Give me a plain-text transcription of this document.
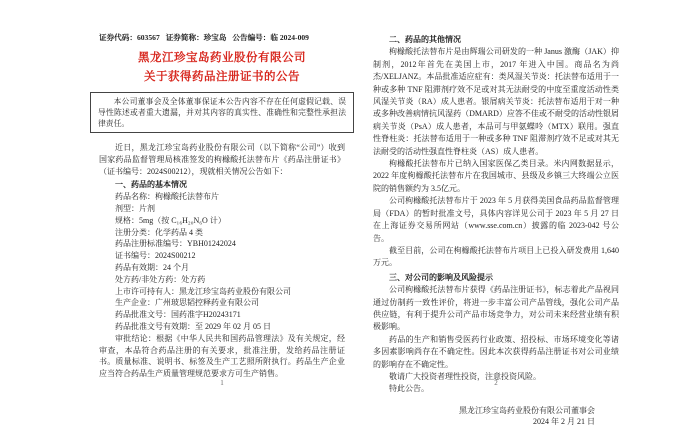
证券代码：603567 证券简称：珍宝岛 公告编号：临 2024-009
黑龙江珍宝岛药业股份有限公司
关于获得药品注册证书的公告
本公司董事会及全体董事保证本公告内容不存在任何虚假记载、误导性陈述或者重大遗漏，并对其内容的真实性、准确性和完整性承担法律责任。

近日，黑龙江珍宝岛药业股份有限公司（以下简称“公司”）收到国家药品监督管理局核准签发的枸橼酸托法替布片《药品注册证书》（证书编号：2024S00212），现就相关情况公告如下：

一、药品的基本情况

药品名称：枸橼酸托法替布片

剂型：片剂

规格：5mg（按 C₁₆H₂₀N₆O 计）

注册分类：化学药品 4 类

药品注册标准编号：YBH01242024

证书编号：2024S00212

药品有效期：24 个月

处方药/非处方药：处方药

上市许可持有人：黑龙江珍宝岛药业股份有限公司

生产企业：广州玻思韬控释药业有限公司

药品批准文号：国药准字H20243171

药品批准文号有效期：至 2029 年 02 月 05 日

审批结论：根据《中华人民共和国药品管理法》及有关规定，经审查，本品符合药品注册的有关要求，批准注册，发给药品注册证书。质量标准、说明书、标签及生产工艺照所附执行。药品生产企业应当符合药品生产质量管理规范要求方可生产销售。

1

二、药品的其他情况

枸橼酸托法替布片是由辉瑞公司研发的一种 Janus 激酶（JAK）抑制剂，2012年首先在美国上市，2017 年进入中国。商品名为尚杰/XELJANZ。本品批准适应症有：类风湿关节炎：托法替布适用于一种或多种 TNF 阻滞剂疗效不足或对其无法耐受的中度至重度活动性类风湿关节炎（RA）成人患者。银屑病关节炎：托法替布适用于对一种或多种改善病情抗风湿药（DMARD）应答不佳或不耐受的活动性银屑病关节炎（PsA）成人患者，本品可与甲氨蝶呤（MTX）联用。强直性脊柱炎：托法替布适用于一种或多种 TNF 阻滞剂疗效不足或对其无法耐受的活动性强直性脊柱炎（AS）成人患者。

枸橼酸托法替布片已纳入国家医保乙类目录。米内网数据显示，2022 年度枸橼酸托法替布片在我国城市、县级及乡镇三大终端公立医院的销售额约为 3.5亿元。

公司枸橼酸托法替布片于 2023 年 5 月获得美国食品药品监督管理局（FDA）的暂时批准文号，具体内容详见公司于 2023 年 5 月 27 日在上海证券交易所网站（www.sse.com.cn）披露的临 2023-042 号公告。

截至目前，公司在枸橼酸托法替布片项目上已投入研发费用 1,640 万元。

三、对公司的影响及风险提示

公司枸橼酸托法替布片获得《药品注册证书》，标志着此产品视同通过仿制药一致性评价，将进一步丰富公司产品管线，强化公司产品供应链，有利于提升公司产品市场竞争力，对公司未来经营业绩有积极影响。

药品的生产和销售受医药行业政策、招投标、市场环境变化等诸多因素影响尚存在不确定性。因此本次获得药品注册证书对公司业绩的影响存在不确定性。

敬请广大投资者理性投资，注意投资风险。

特此公告。

黑龙江珍宝岛药业股份有限公司董事会

2024 年 2 月 21 日

2
